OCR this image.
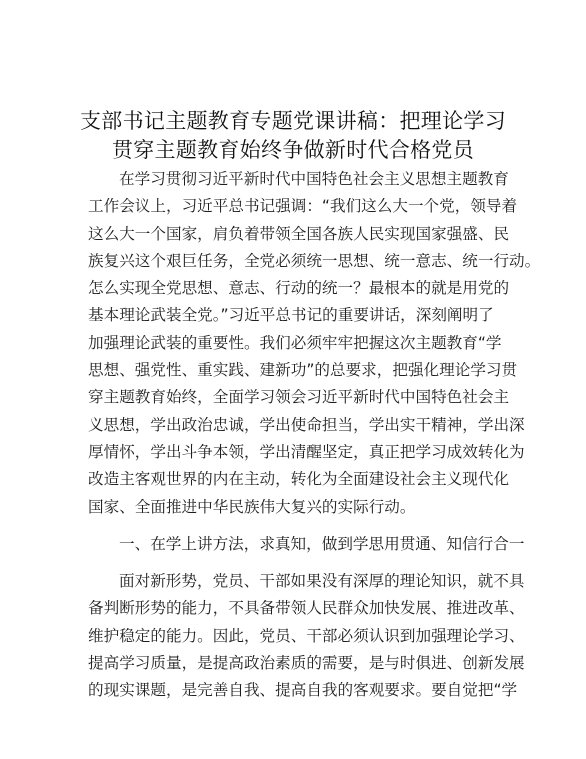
支部书记主题教育专题党课讲稿：把理论学习
贯穿主题教育始终争做新时代合格党员
在学习贯彻习近平新时代中国特色社会主义思想主题教育
工作会议上，习近平总书记强调：“我们这么大一个党，领导着
这么大一个国家，肩负着带领全国各族人民实现国家强盛、民
族复兴这个艰巨任务，全党必须统一思想、统一意志、统一行动。
怎么实现全党思想、意志、行动的统一？最根本的就是用党的
基本理论武装全党。”习近平总书记的重要讲话，深刻阐明了
加强理论武装的重要性。我们必须牢牢把握这次主题教育“学
思想、强党性、重实践、建新功”的总要求，把强化理论学习贯
穿主题教育始终，全面学习领会习近平新时代中国特色社会主
义思想，学出政治忠诚，学出使命担当，学出实干精神，学出深
厚情怀，学出斗争本领，学出清醒坚定，真正把学习成效转化为
改造主客观世界的内在主动，转化为全面建设社会主义现代化
国家、全面推进中华民族伟大复兴的实际行动。
一、在学上讲方法，求真知，做到学思用贯通、知信行合一
面对新形势，党员、干部如果没有深厚的理论知识，就不具
备判断形势的能力，不具备带领人民群众加快发展、推进改革、
维护稳定的能力。因此，党员、干部必须认识到加强理论学习、
提高学习质量，是提高政治素质的需要，是与时俱进、创新发展
的现实课题，是完善自我、提高自我的客观要求。要自觉把“学
